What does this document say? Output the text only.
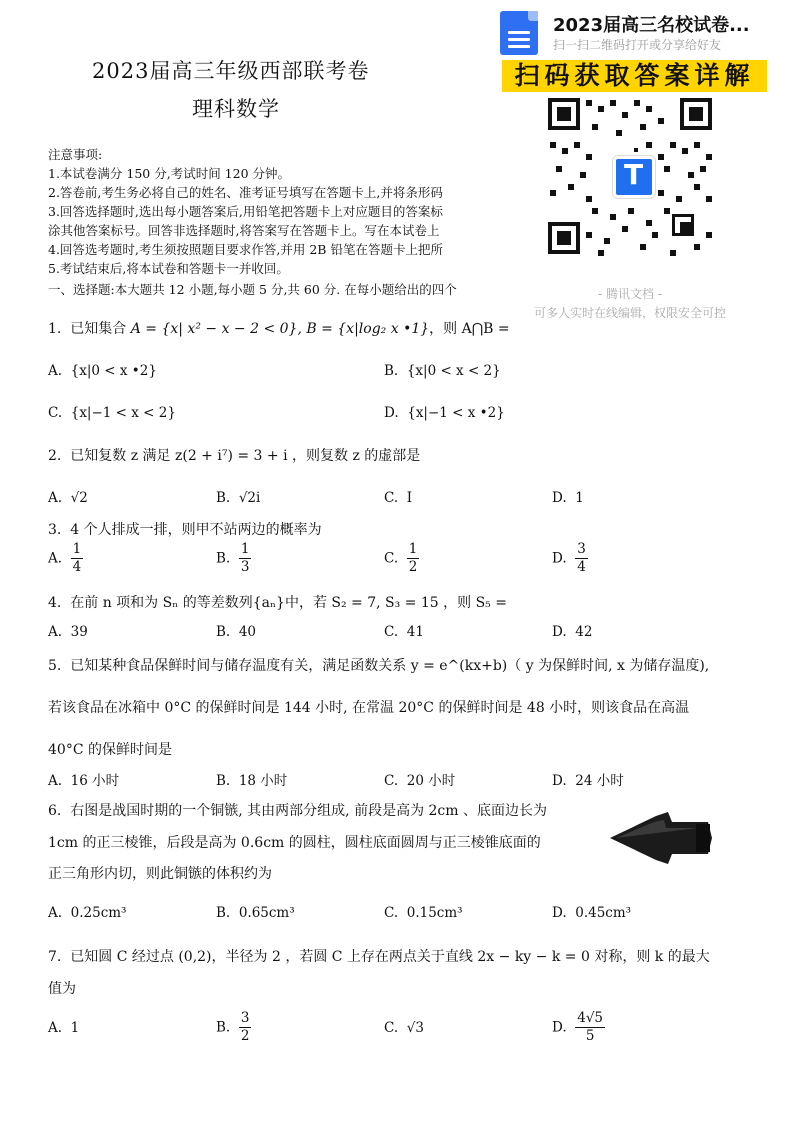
2023届高三年级西部联考卷
理科数学
2023届高三名校试卷...
扫一扫二维码打开或分享给好友
扫码获取答案详解
T
- 腾讯文档 -
可多人实时在线编辑，权限安全可控
注意事项:
1.本试卷满分 150 分,考试时间 120 分钟。
2.答卷前,考生务必将自己的姓名、准考证号填写在答题卡上,并将条形码
3.回答选择题时,选出每小题答案后,用铅笔把答题卡上对应题目的答案标
涂其他答案标号。回答非选择题时,将答案写在答题卡上。写在本试卷上
4.回答选考题时,考生须按照题目要求作答,并用 2B 铅笔在答题卡上把所
5.考试结束后,将本试卷和答题卡一并收回。
一、选择题:本大题共 12 小题,每小题 5 分,共 60 分. 在每小题给出的四个
1. 已知集合 A = {x| x² − x − 2 < 0}, B = {x|log₂ x •1}，则 A⋂B =
A. {x|0 < x •2}	B. {x|0 < x < 2}
C. {x|−1 < x < 2}	D. {x|−1 < x •2}
2. 已知复数 z 满足 z(2 + i⁷) = 3 + i ，则复数 z 的虚部是
A. √2	B. √2i	C. I	D. 1
3. 4 个人排成一排，则甲不站两边的概率为
A. $\frac{1}{4}$	B. $\frac{1}{3}$	C. $\frac{1}{2}$	D. $\frac{3}{4}$
4. 在前 n 项和为 Sₙ 的等差数列{aₙ}中，若 S₂ = 7, S₃ = 15 ，则 S₅ =
A. 39	B. 40	C. 41	D. 42
5. 已知某种食品保鲜时间与储存温度有关，满足函数关系 y = e^(kx+b)（ y 为保鲜时间, x 为储存温度),
若该食品在冰箱中 0°C 的保鲜时间是 144 小时, 在常温 20°C 的保鲜时间是 48 小时，则该食品在高温
40°C 的保鲜时间是
A. 16 小时	B. 18 小时	C. 20 小时	D. 24 小时
6. 右图是战国时期的一个铜镞, 其由两部分组成, 前段是高为 2cm 、底面边长为
1cm 的正三棱锥，后段是高为 0.6cm 的圆柱，圆柱底面圆周与正三棱锥底面的
正三角形内切，则此铜镞的体积约为
A. 0.25cm³	B. 0.65cm³	C. 0.15cm³	D. 0.45cm³
7. 已知圆 C 经过点 (0,2)，半径为 2 ，若圆 C 上存在两点关于直线 2x − ky − k = 0 对称，则 k 的最大
值为
A. 1	B. $\frac{3}{2}$	C. √3	D. $\frac{4√5}{5}$
